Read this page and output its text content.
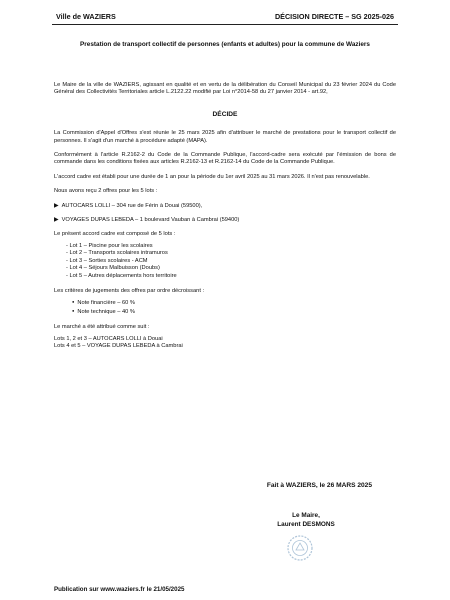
Ville de WAZIERS	DÉCISION DIRECTE – SG 2025-026
Prestation de transport collectif de personnes (enfants et adultes) pour la commune de Waziers

Le Maire de la ville de WAZIERS, agissant en qualité et en vertu de la délibération du Conseil Municipal du 23 février 2024 du Code Général des Collectivités Territoriales article L.2122.22 modifié par Loi n°2014-58 du 27 janvier 2014 - art.92,

DÉCIDE

La Commission d'Appel d'Offres s'est réunie le 25 mars 2025 afin d'attribuer le marché de prestations pour le transport collectif de personnes. Il s'agit d'un marché à procédure adapté (MAPA).

Conformément à l'article R.2162-2 du Code de la Commande Publique, l'accord-cadre sera exécuté par l'émission de bons de commande dans les conditions fixées aux articles R.2162-13 et R.2162-14 du Code de la Commande Publique.

L'accord cadre est établi pour une durée de 1 an pour la période du 1er avril 2025 au 31 mars 2026. Il n'est pas renouvelable.

Nous avons reçu 2 offres pour les 5 lots :

▶ AUTOCARS LOLLI – 304 rue de Férin à Douai (59500),

▶ VOYAGES DUPAS LEBEDA – 1 boulevard Vauban à Cambrai (59400)

Le présent accord cadre est composé de 5 lots :

- Lot 1 – Piscine pour les scolaires
- Lot 2 – Transports scolaires intramuros
- Lot 3 – Sorties scolaires - ACM
- Lot 4 – Séjours Malbuisson (Doubs)
- Lot 5 – Autres déplacements hors territoire

Les critères de jugements des offres par ordre décroissant :

● Note financière – 60 %
● Note technique – 40 %

Le marché a été attribué comme suit :

Lots 1, 2 et 3 – AUTOCARS LOLLI à Douai
Lots 4 et 5 – VOYAGE DUPAS LEBEDA à Cambrai
Fait à WAZIERS, le 26 MARS 2025
Le Maire,
Laurent DESMONS
Publication sur www.waziers.fr le 21/05/2025
